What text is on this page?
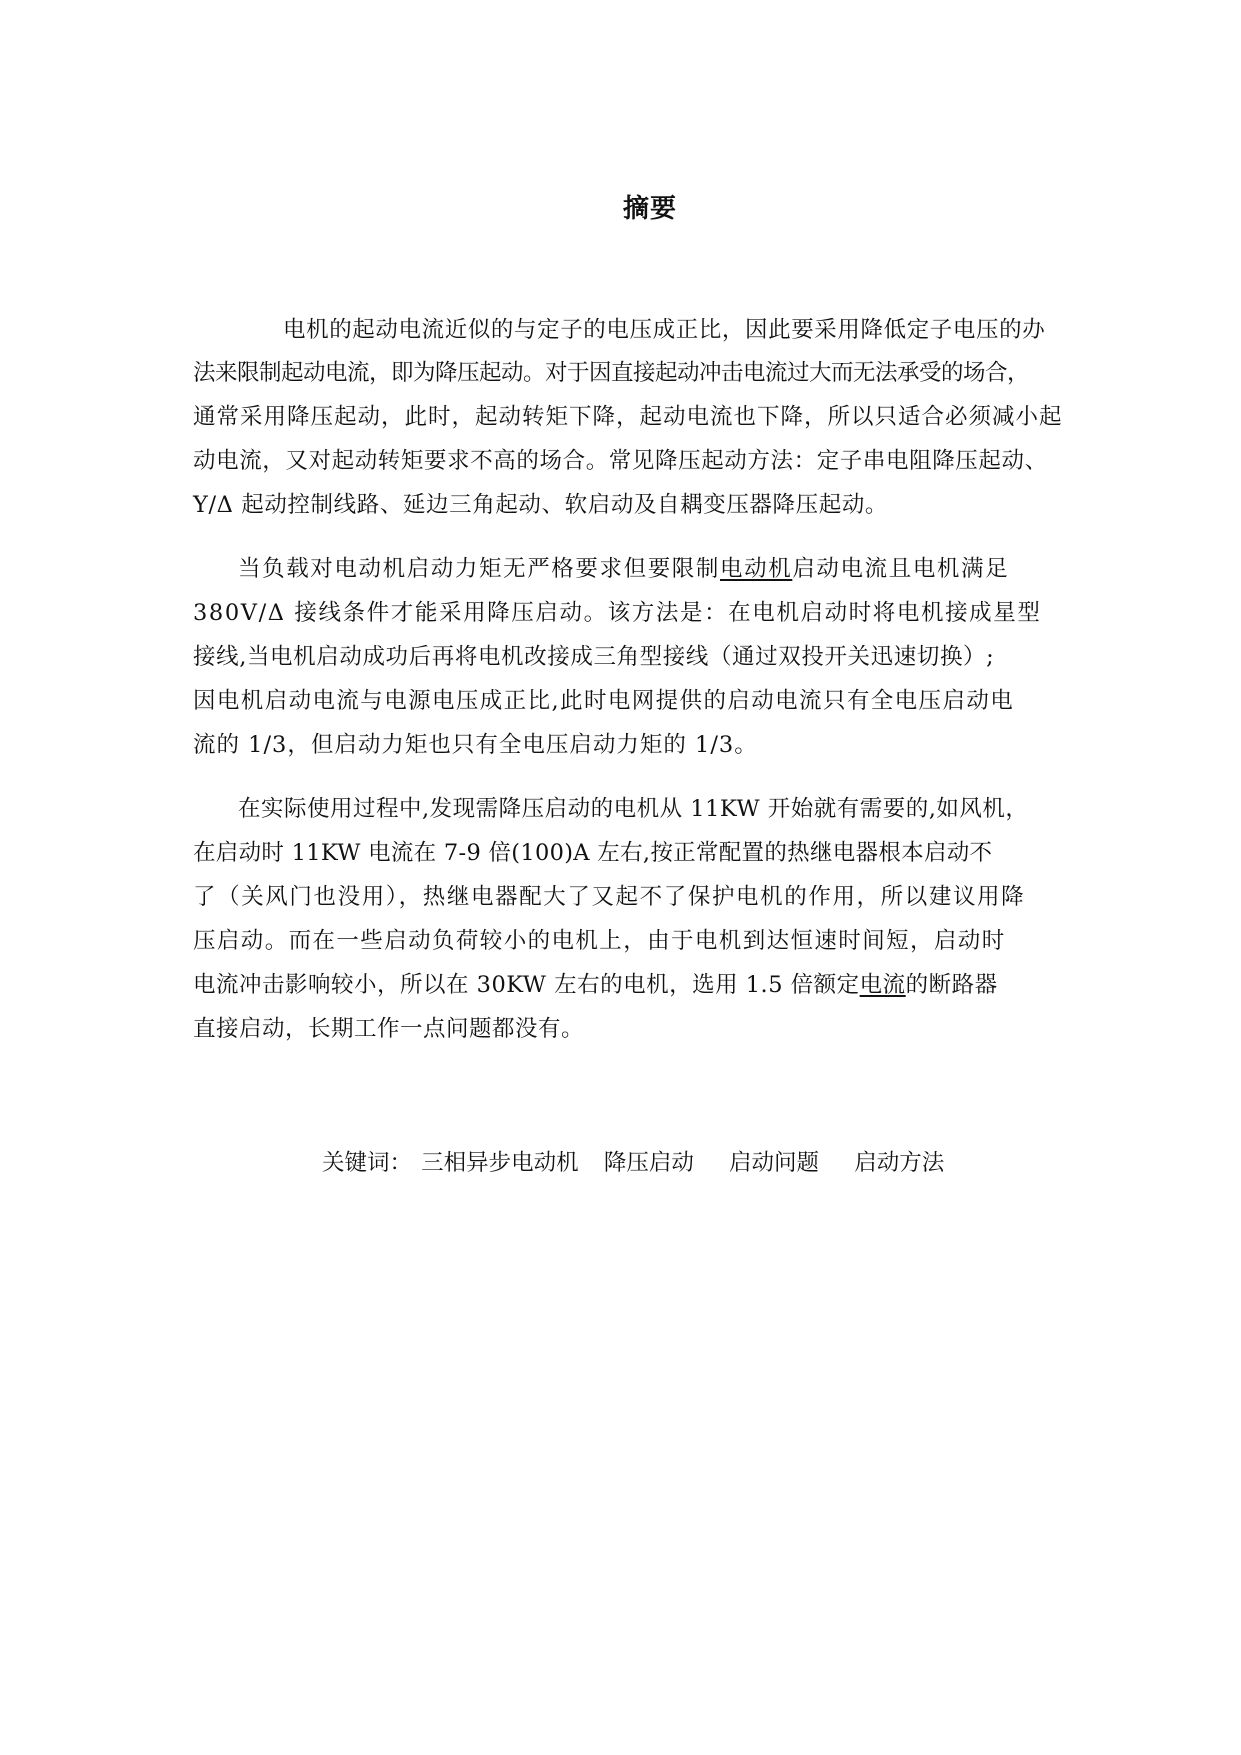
摘要
电机的起动电流近似的与定子的电压成正比，因此要采用降低定子电压的办
法来限制起动电流，即为降压起动。对于因直接起动冲击电流过大而无法承受的场合，
通常采用降压起动，此时，起动转矩下降，起动电流也下降，所以只适合必须减小起
动电流，又对起动转矩要求不高的场合。常见降压起动方法：定子串电阻降压起动、
Y/Δ 起动控制线路、延边三角起动、软启动及自耦变压器降压起动。
当负载对电动机启动力矩无严格要求但要限制电动机启动电流且电机满足
380V/Δ 接线条件才能采用降压启动。该方法是：在电机启动时将电机接成星型
接线,当电机启动成功后再将电机改接成三角型接线（通过双投开关迅速切换）;
因电机启动电流与电源电压成正比,此时电网提供的启动电流只有全电压启动电
流的 1/3，但启动力矩也只有全电压启动力矩的 1/3。
在实际使用过程中,发现需降压启动的电机从 11KW 开始就有需要的,如风机，
在启动时 11KW 电流在 7-9 倍(100)A 左右,按正常配置的热继电器根本启动不
了（关风门也没用），热继电器配大了又起不了保护电机的作用，所以建议用降
压启动。而在一些启动负荷较小的电机上，由于电机到达恒速时间短，启动时
电流冲击影响较小，所以在 30KW 左右的电机，选用 1.5 倍额定电流的断路器
直接启动，长期工作一点问题都没有。
关键词： 三相异步电动机 降压启动 启动问题 启动方法
